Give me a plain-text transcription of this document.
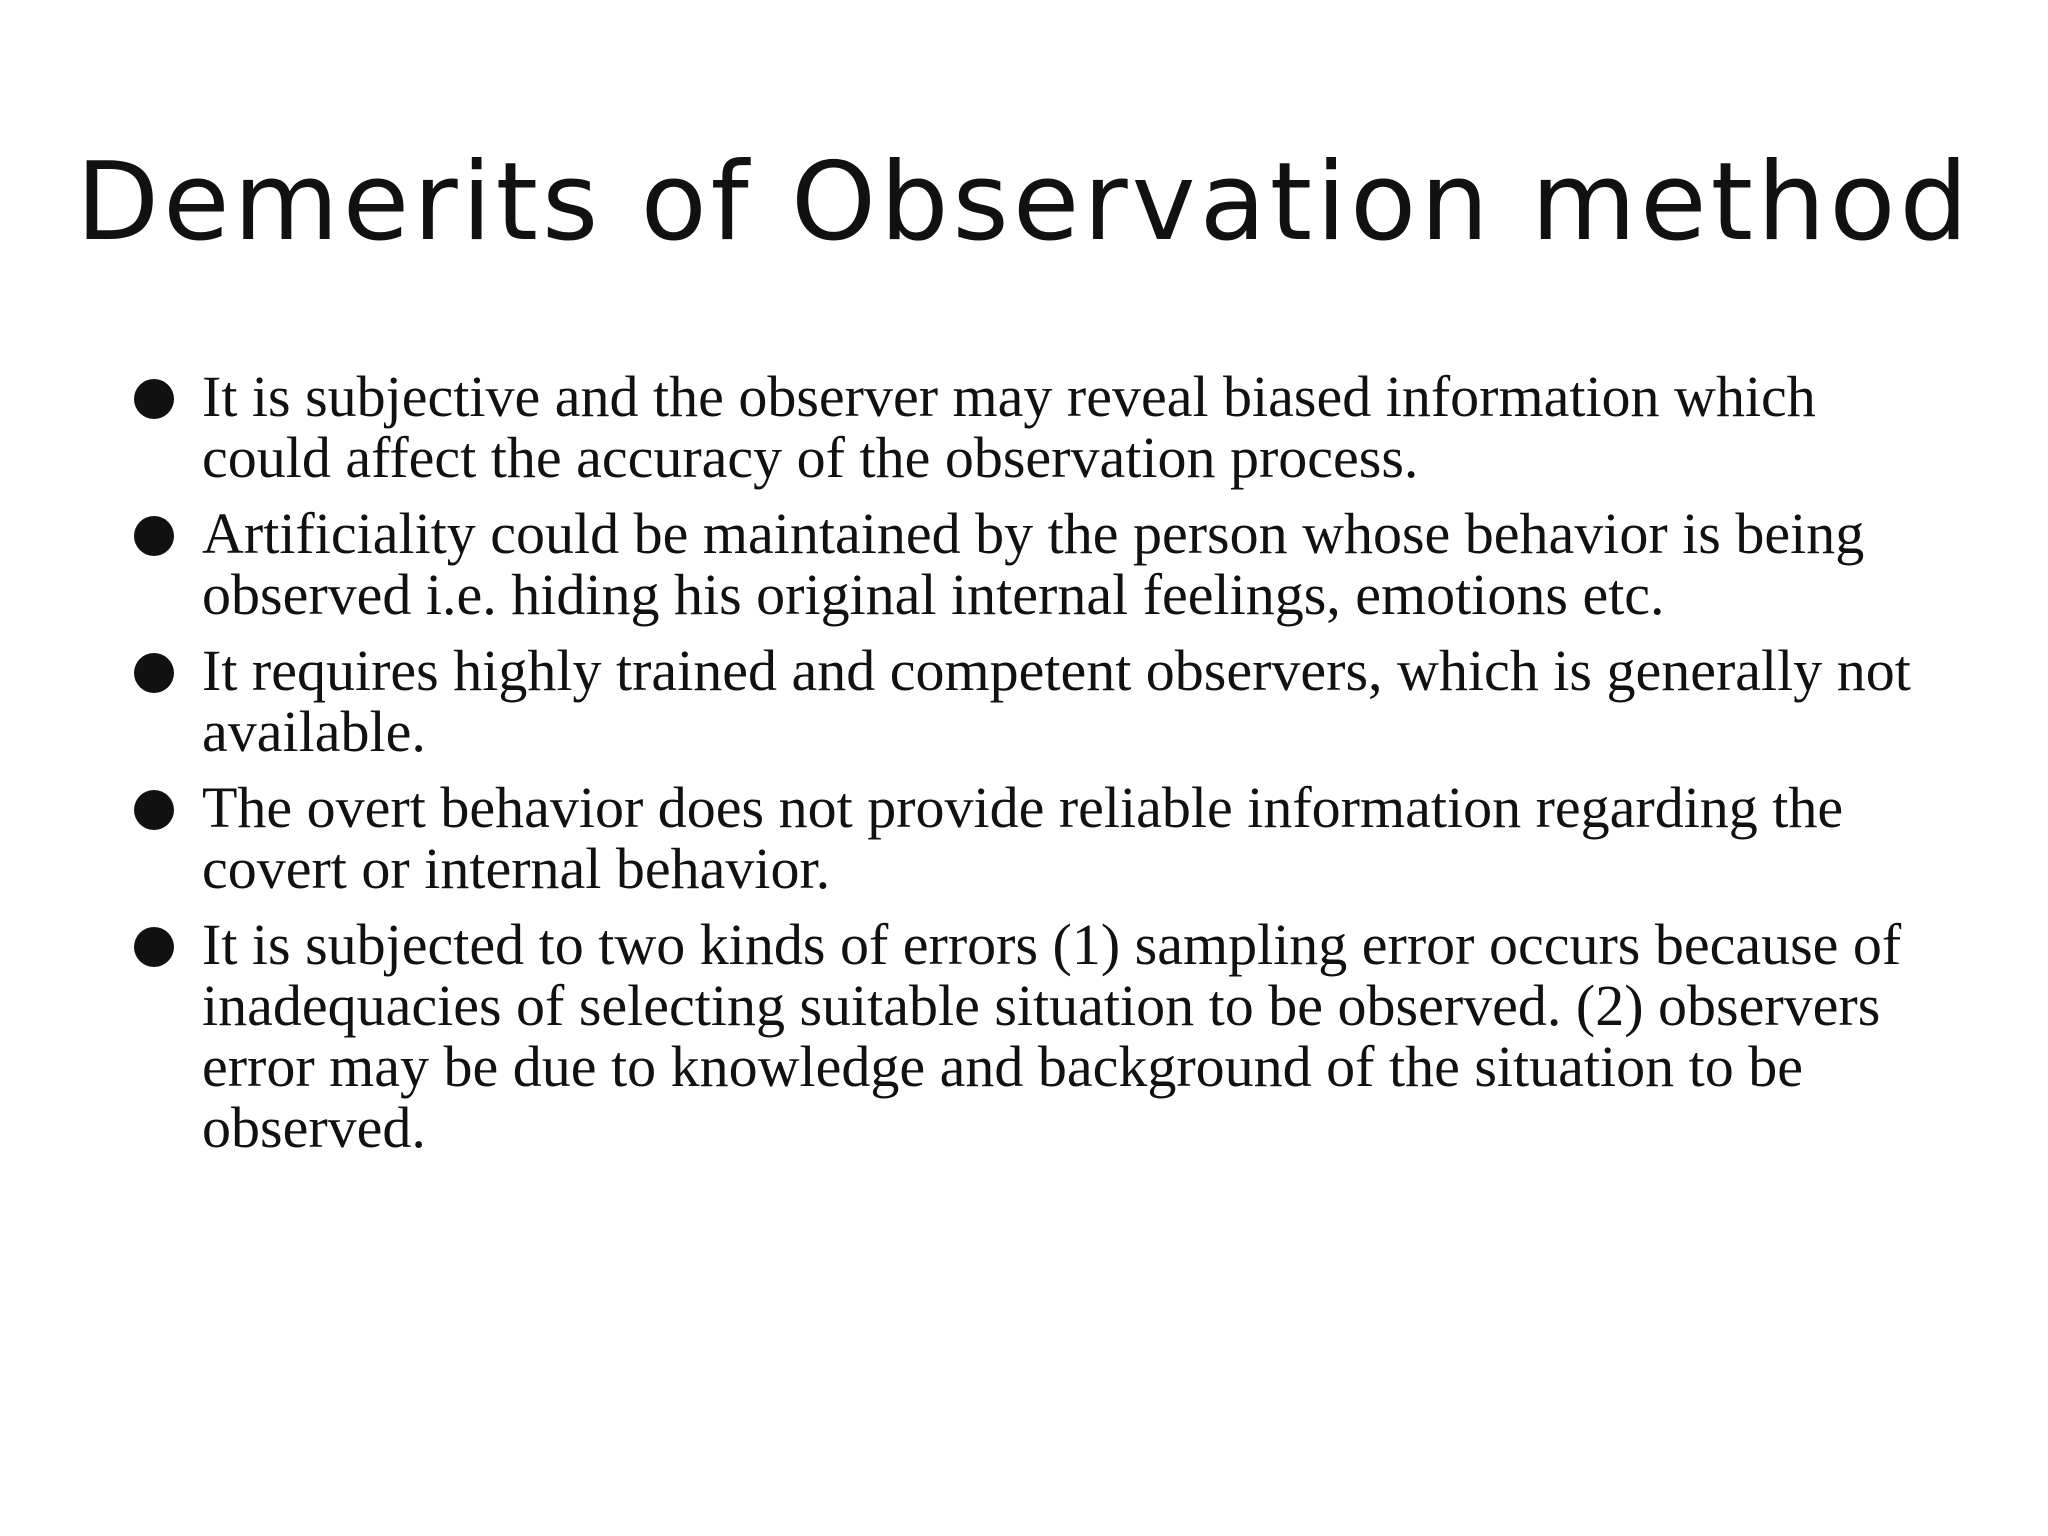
Demerits of Observation method
It is subjective and the observer may reveal biased information which could affect the accuracy of the observation process.
Artificiality could be maintained by the person whose behavior is being observed i.e. hiding his original internal feelings, emotions etc.
It requires highly trained and competent observers, which is generally not available.
The overt behavior does not provide reliable information regarding the covert or internal behavior.
It is subjected to two kinds of errors (1) sampling error occurs because of inadequacies of selecting suitable situation to be observed. (2) observers error may be due to knowledge and background of the situation to be observed.
